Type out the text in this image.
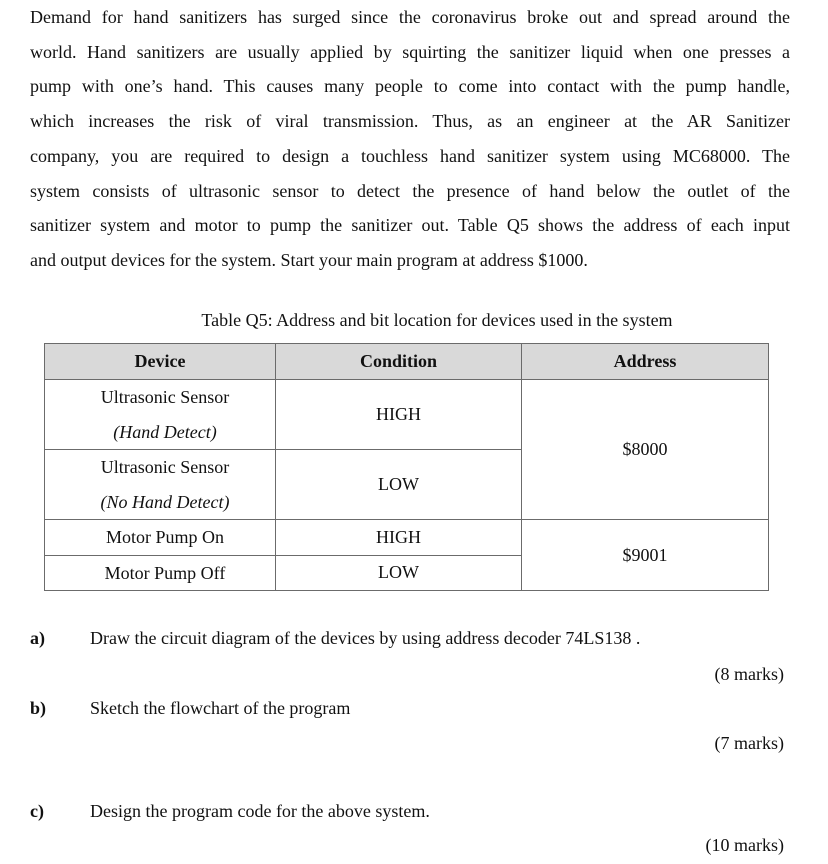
Demand for hand sanitizers has surged since the coronavirus broke out and spread around the
world. Hand sanitizers are usually applied by squirting the sanitizer liquid when one presses a
pump with one’s hand. This causes many people to come into contact with the pump handle,
which increases the risk of viral transmission. Thus, as an engineer at the AR Sanitizer
company, you are required to design a touchless hand sanitizer system using MC68000. The
system consists of ultrasonic sensor to detect the presence of hand below the outlet of the
sanitizer system and motor to pump the sanitizer out. Table Q5 shows the address of each input
and output devices for the system. Start your main program at address $1000.
Table Q5: Address and bit location for devices used in the system
Device	Condition	Address

Ultrasonic Sensor
(Hand Detect)	HIGH	$8000

Ultrasonic Sensor
(No Hand Detect)	LOW	

Motor Pump On	HIGH	$9001

Motor Pump Off	LOW	
a)	Draw the circuit diagram of the devices by using address decoder 74LS138 .
(8 marks)
b) Sketch the flowchart of the program
(7 marks)
c)	Design the program code for the above system.
(10 marks)
